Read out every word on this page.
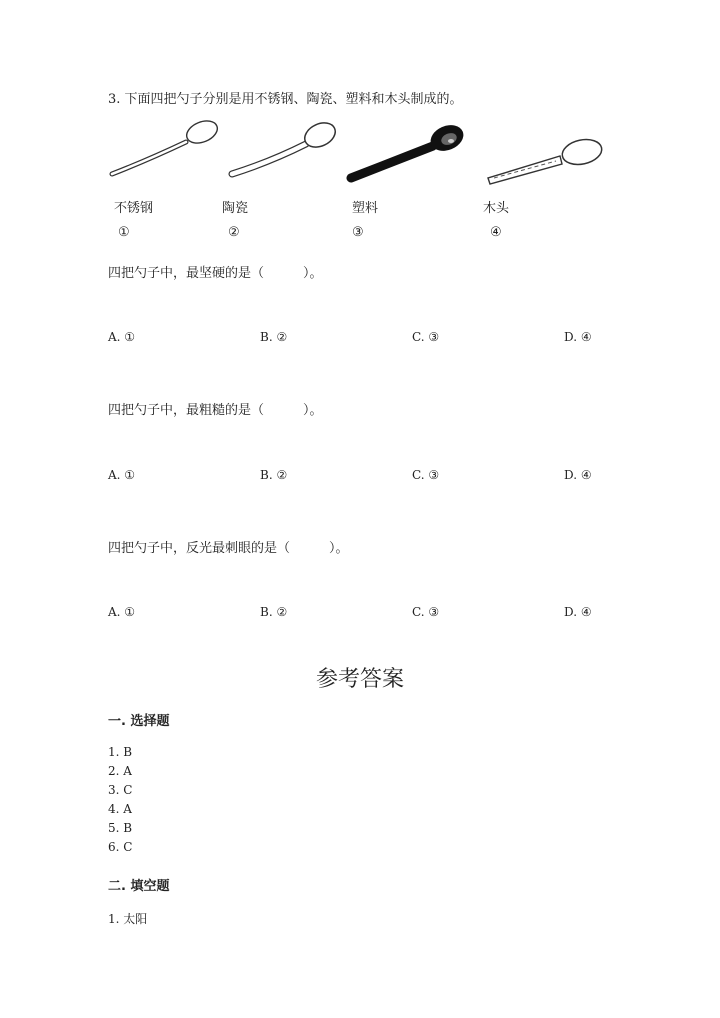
3. 下面四把勺子分别是用不锈钢、陶瓷、塑料和木头制成的。
不锈钢	陶瓷	塑料	木头
①	②	③	④
四把勺子中，最坚硬的是（　　　）。
A. ①	B. ②	C. ③	D. ④
四把勺子中，最粗糙的是（　　　）。
A. ①	B. ②	C. ③	D. ④
四把勺子中，反光最刺眼的是（　　　）。
A. ①	B. ②	C. ③	D. ④
参考答案
一. 选择题
1. B
2. A
3. C
4. A
5. B
6. C
二. 填空题
1. 太阳
